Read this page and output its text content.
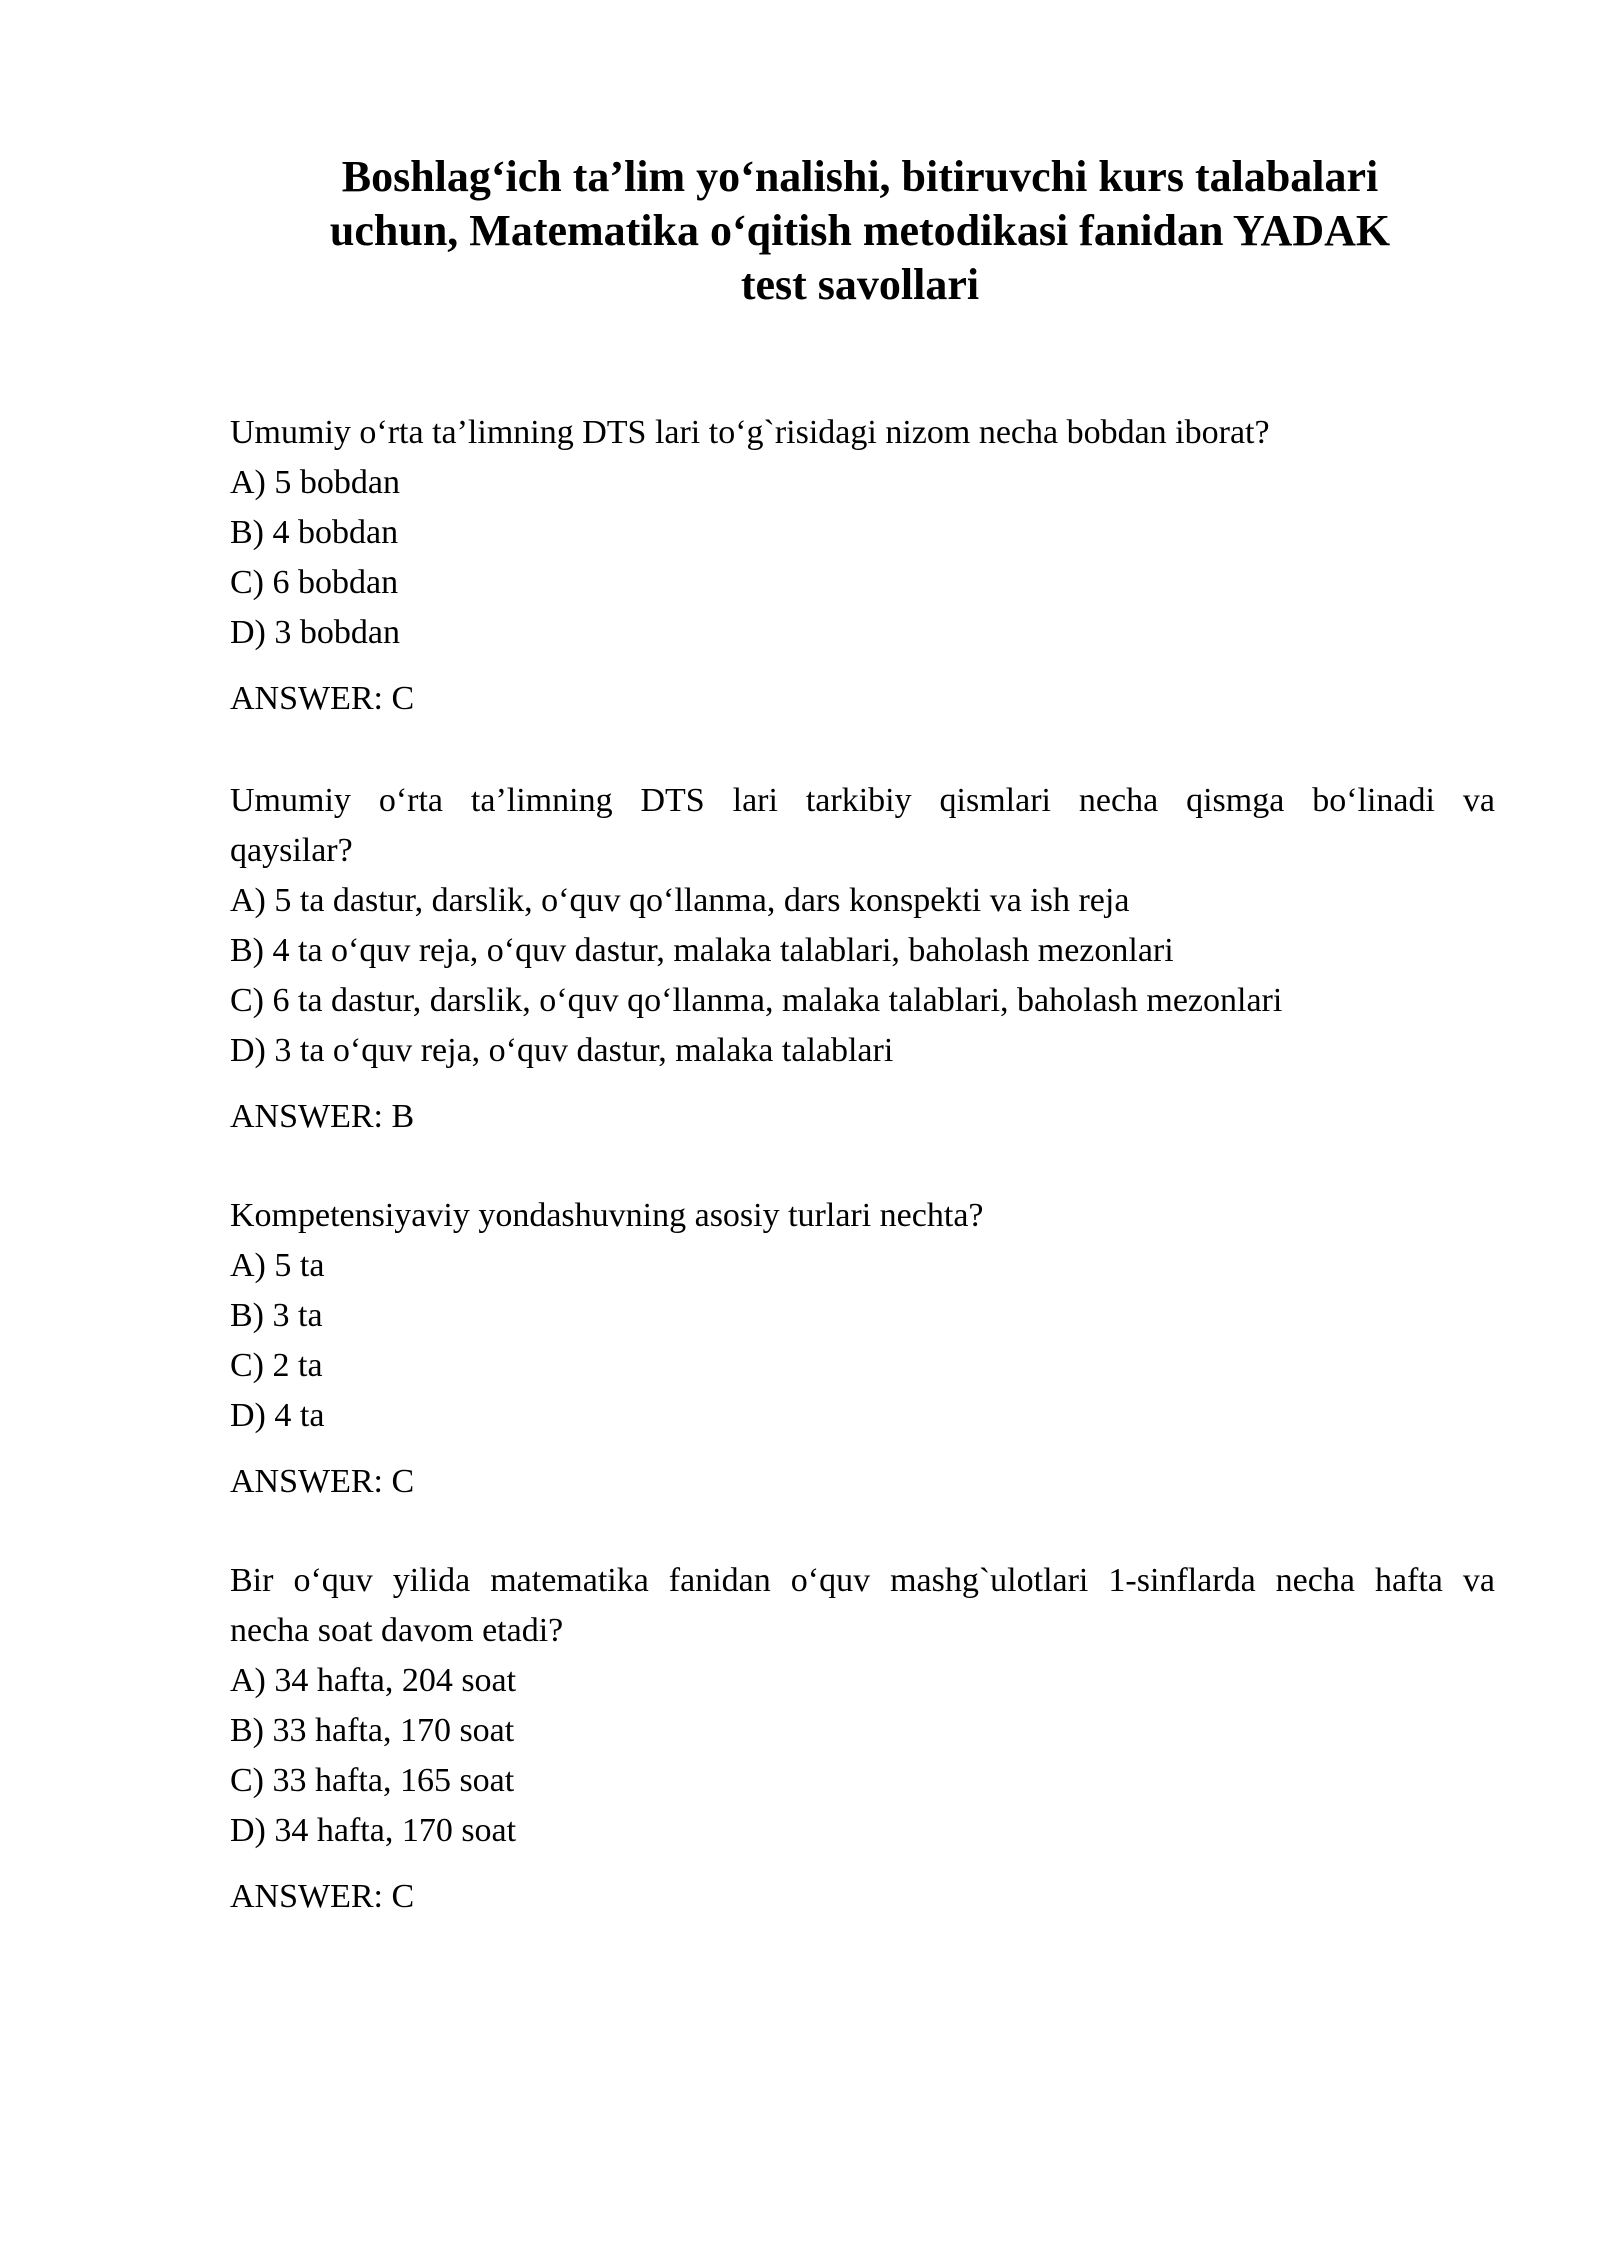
Boshlag‘ich ta’lim yo‘nalishi, bitiruvchi kurs talabalari
uchun, Matematika o‘qitish metodikasi fanidan YADAK
test savollari

Umumiy o‘rta ta’limning DTS lari to‘g`risidagi nizom necha bobdan iborat?

A) 5 bobdan
B) 4 bobdan
C) 6 bobdan
D) 3 bobdan

ANSWER: C

Umumiy o‘rta ta’limning DTS lari tarkibiy qismlari necha qismga bo‘linadi va
qaysilar?

A) 5 ta dastur, darslik, o‘quv qo‘llanma, dars konspekti va ish reja
B) 4 ta o‘quv reja, o‘quv dastur, malaka talablari, baholash mezonlari
C) 6 ta dastur, darslik, o‘quv qo‘llanma, malaka talablari, baholash mezonlari
D) 3 ta o‘quv reja, o‘quv dastur, malaka talablari

ANSWER: B

Kompetensiyaviy yondashuvning asosiy turlari nechta?

A) 5 ta
B) 3 ta
C) 2 ta
D) 4 ta

ANSWER: C

Bir o‘quv yilida matematika fanidan o‘quv mashg`ulotlari 1-sinflarda necha hafta va
necha soat davom etadi?

A) 34 hafta, 204 soat
B) 33 hafta, 170 soat
C) 33 hafta, 165 soat
D) 34 hafta, 170 soat

ANSWER: C
